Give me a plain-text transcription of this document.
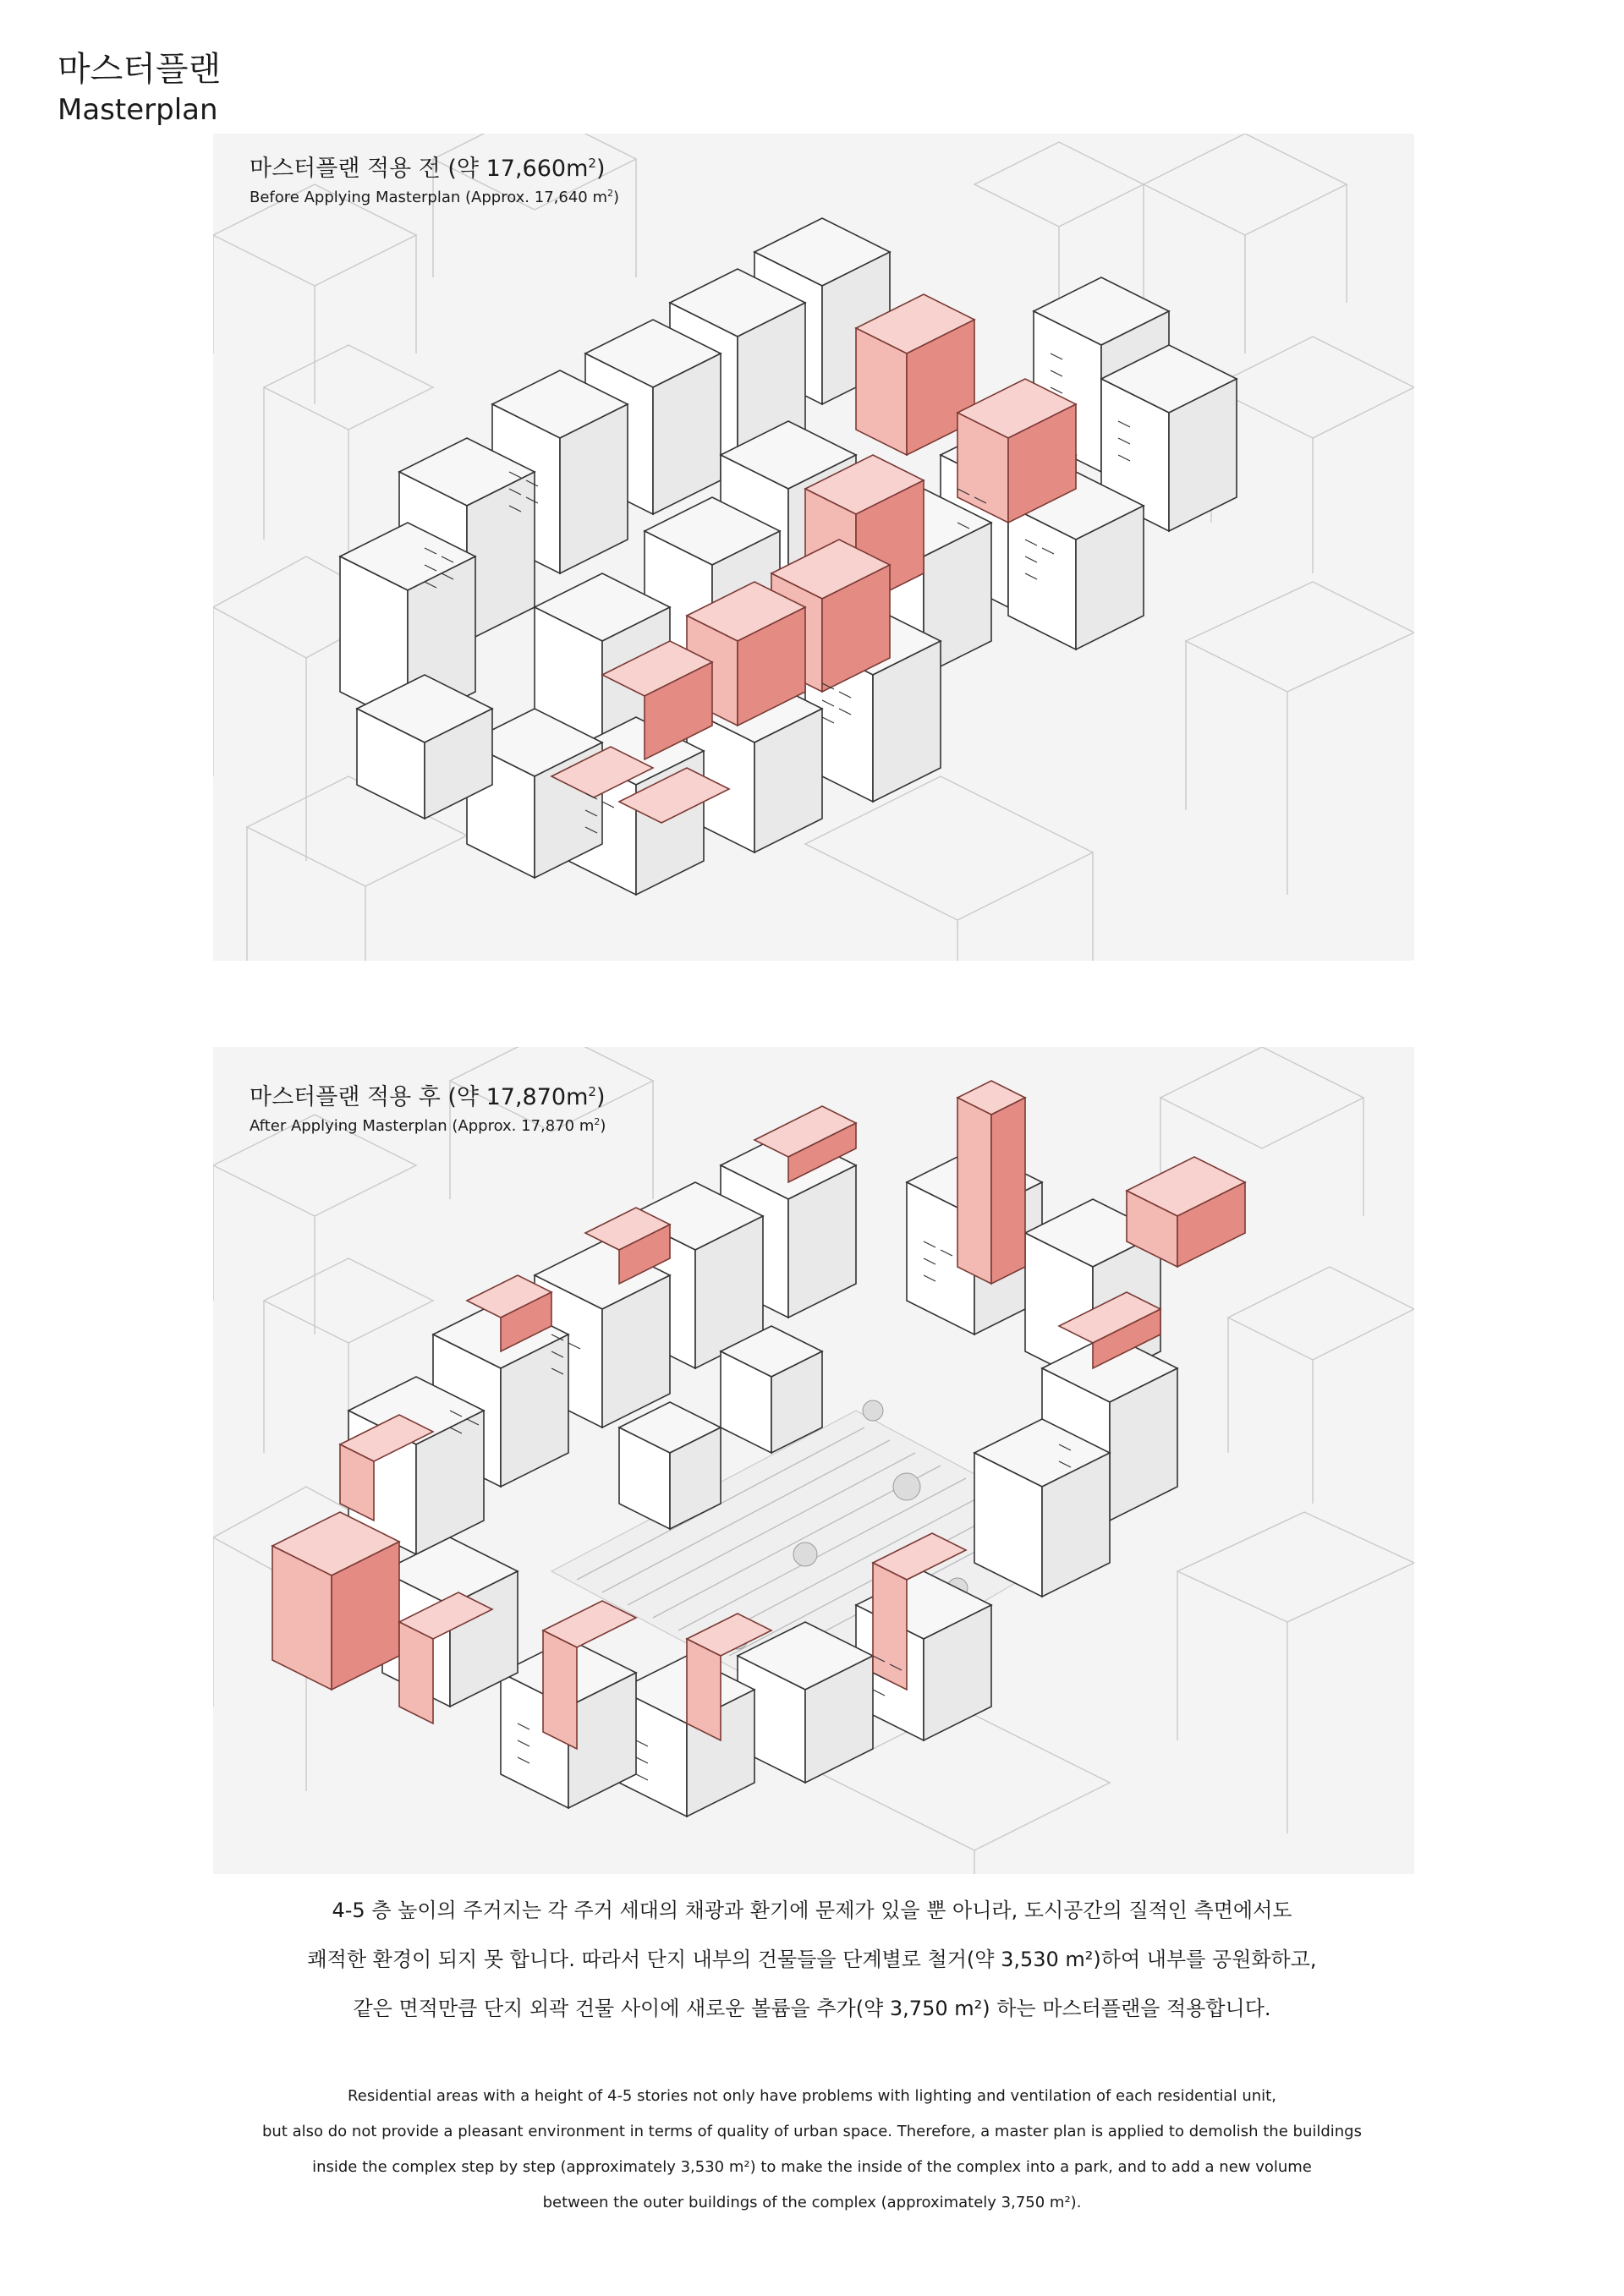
마스터플랜
Masterplan
마스터플랜 적용 전 (약 $17,660m^2$)
Before Applying Masterplan (Approx. 17,640 $m^2$)
마스터플랜 적용 후 (약 $17,870m^2$)
After Applying Masterplan (Approx. 17,870 $m^2$)
4-5 층 높이의 주거지는 각 주거 세대의 채광과 환기에 문제가 있을 뿐 아니라, 도시공간의 질적인 측면에서도
쾌적한 환경이 되지 못 합니다. 따라서 단지 내부의 건물들을 단계별로 철거(약 3,530 m²)하여 내부를 공원화하고,
같은 면적만큼 단지 외곽 건물 사이에 새로운 볼륨을 추가(약 3,750 m²) 하는 마스터플랜을 적용합니다.
Residential areas with a height of 4-5 stories not only have problems with lighting and ventilation of each residential unit,
but also do not provide a pleasant environment in terms of quality of urban space. Therefore, a master plan is applied to demolish the buildings
inside the complex step by step (approximately 3,530 m²) to make the inside of the complex into a park, and to add a new volume
between the outer buildings of the complex (approximately 3,750 m²).
